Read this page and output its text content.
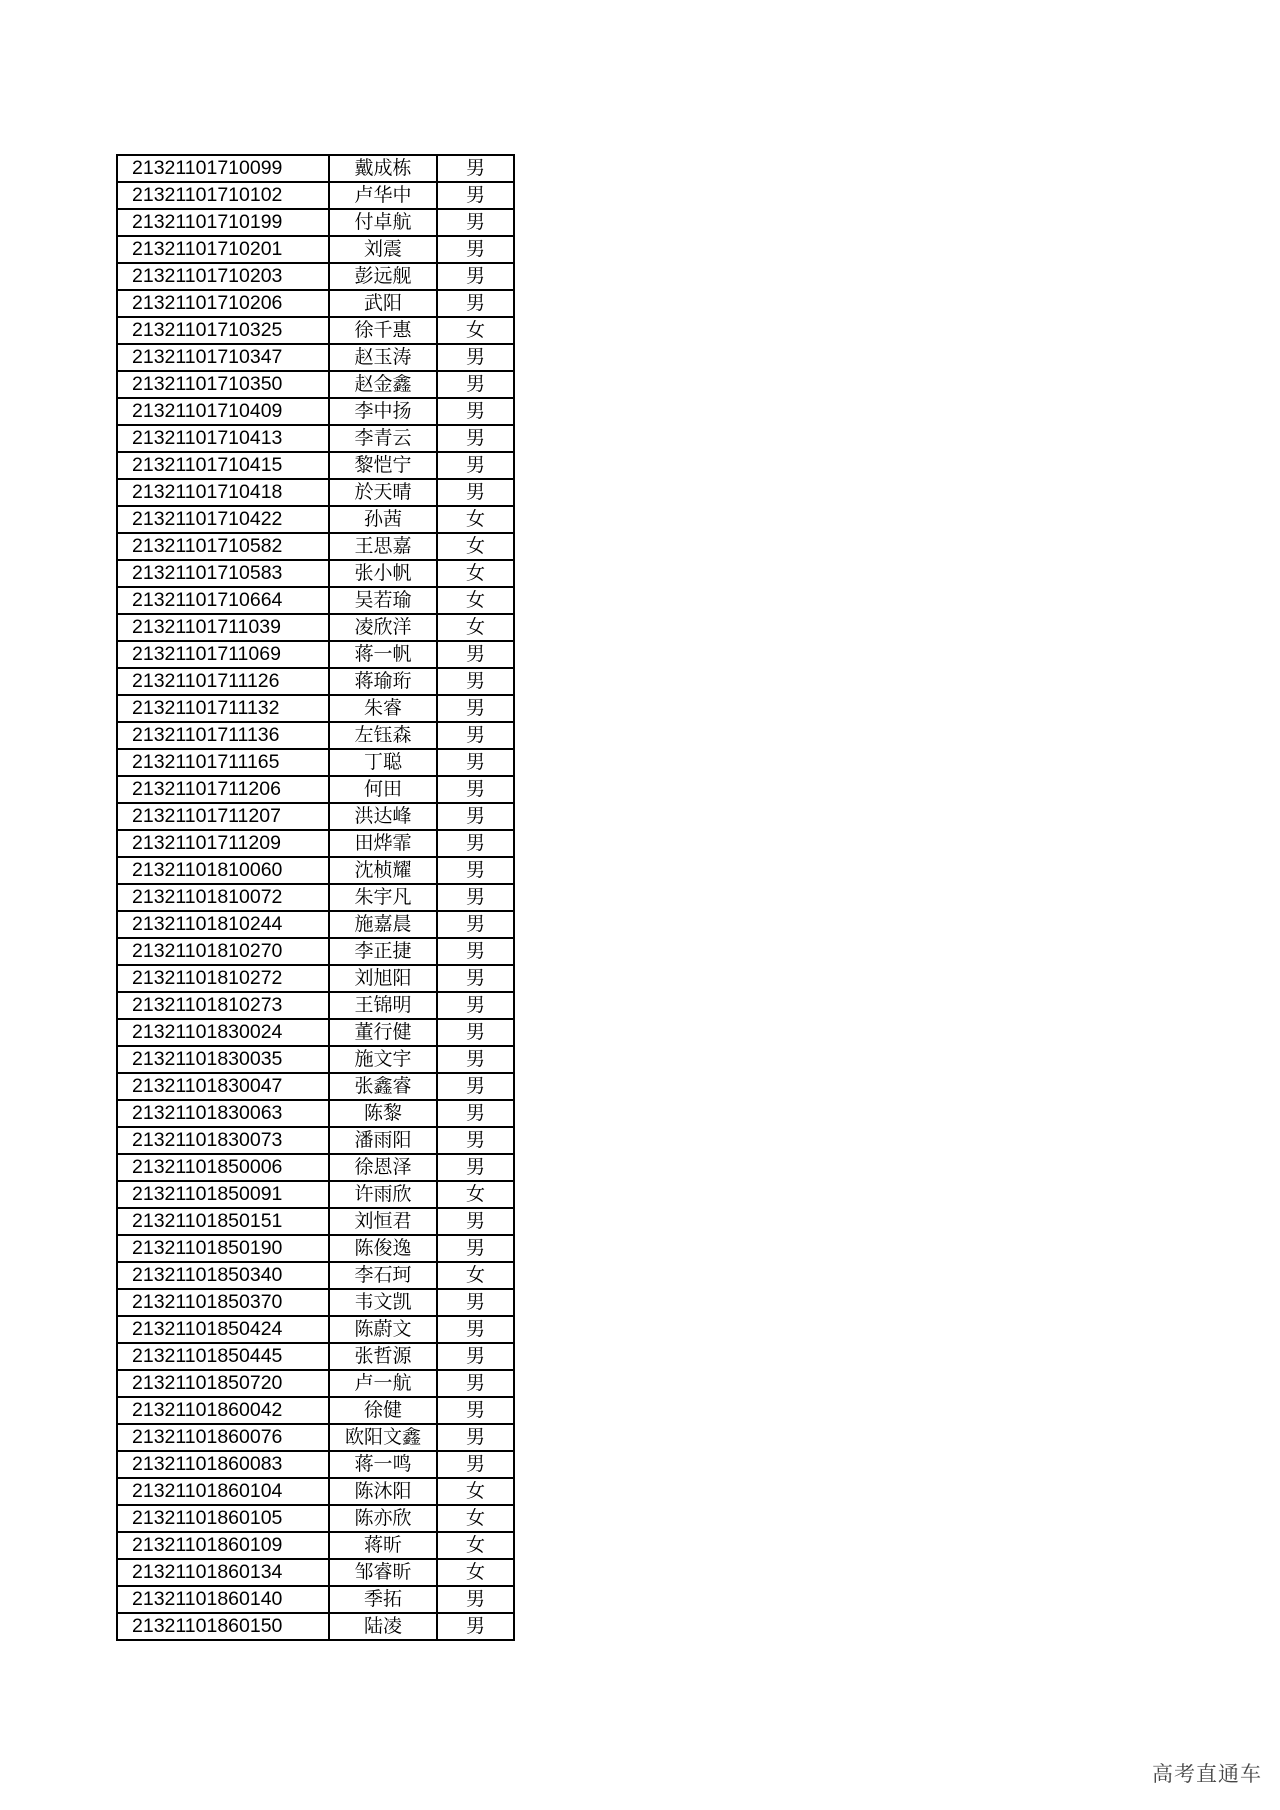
21321101710099	戴成栋	男
21321101710102	卢华中	男
21321101710199	付卓航	男
21321101710201	刘震	男
21321101710203	彭远舰	男
21321101710206	武阳	男
21321101710325	徐千惠	女
21321101710347	赵玉涛	男
21321101710350	赵金鑫	男
21321101710409	李中扬	男
21321101710413	李青云	男
21321101710415	黎恺宁	男
21321101710418	於天晴	男
21321101710422	孙茜	女
21321101710582	王思嘉	女
21321101710583	张小帆	女
21321101710664	吴若瑜	女
21321101711039	凌欣洋	女
21321101711069	蒋一帆	男
21321101711126	蒋瑜珩	男
21321101711132	朱睿	男
21321101711136	左钰森	男
21321101711165	丁聪	男
21321101711206	何田	男
21321101711207	洪达峰	男
21321101711209	田烨霏	男
21321101810060	沈桢耀	男
21321101810072	朱宇凡	男
21321101810244	施嘉晨	男
21321101810270	李正捷	男
21321101810272	刘旭阳	男
21321101810273	王锦明	男
21321101830024	董行健	男
21321101830035	施文宇	男
21321101830047	张鑫睿	男
21321101830063	陈黎	男
21321101830073	潘雨阳	男
21321101850006	徐恩泽	男
21321101850091	许雨欣	女
21321101850151	刘恒君	男
21321101850190	陈俊逸	男
21321101850340	李石珂	女
21321101850370	韦文凯	男
21321101850424	陈蔚文	男
21321101850445	张哲源	男
21321101850720	卢一航	男
21321101860042	徐健	男
21321101860076	欧阳文鑫	男
21321101860083	蒋一鸣	男
21321101860104	陈沐阳	女
21321101860105	陈亦欣	女
21321101860109	蒋昕	女
21321101860134	邹睿昕	女
21321101860140	季拓	男
21321101860150	陆凌	男
高考直通车
